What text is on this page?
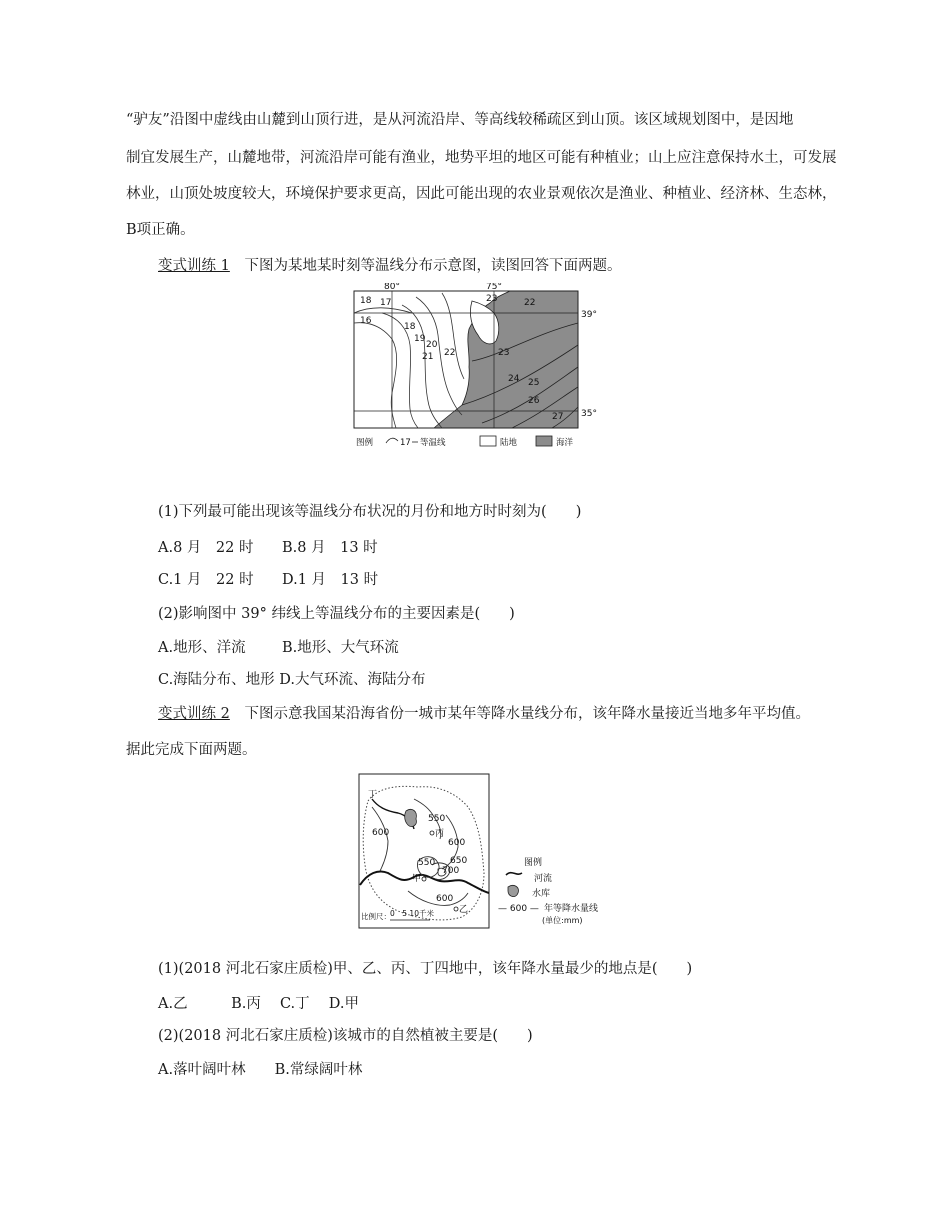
“驴友”沿图中虚线由山麓到山顶行进，是从河流沿岸、等高线较稀疏区到山顶。该区域规划图中，是因地
制宜发展生产，山麓地带，河流沿岸可能有渔业，地势平坦的地区可能有种植业；山上应注意保持水土，可发展
林业，山顶处坡度较大，环境保护要求更高，因此可能出现的农业景观依次是渔业、种植业、经济林、生态林，
B项正确。
变式训练 1 下图为某地某时刻等温线分布示意图，读图回答下面两题。
80°	75°
39°
35°
18 17
16
18
19
20
21 22
23	22
23
24 25
26
27
图例	17 等温线	陆地	海洋
(1)下列最可能出现该等温线分布状况的月份和地方时时刻为(　　)
A.8 月　22 时 B.8 月　13 时
C.1 月　22 时 D.1 月　13 时
(2)影响图中 39° 纬线上等温线分布的主要因素是(　　)
A.地形、洋流	B.地形、大气环流
C.海陆分布、地形 D.大气环流、海陆分布
变式训练 2 下图示意我国某沿海省份一城市某年等降水量线分布，该年降水量接近当地多年平均值。
据此完成下面两题。
丁
550
600	丙
600
550 650
700
甲
600
乙
比例尺： 0　5 10千米
图例
河流
水库
— 600 — 年等降水量线
(单位:mm)
(1)(2018 河北石家庄质检)甲、乙、丙、丁四地中，该年降水量最少的地点是(　　)
A.乙　　　B.丙　 C.丁　 D.甲
(2)(2018 河北石家庄质检)该城市的自然植被主要是(　　)
A.落叶阔叶林　　B.常绿阔叶林
